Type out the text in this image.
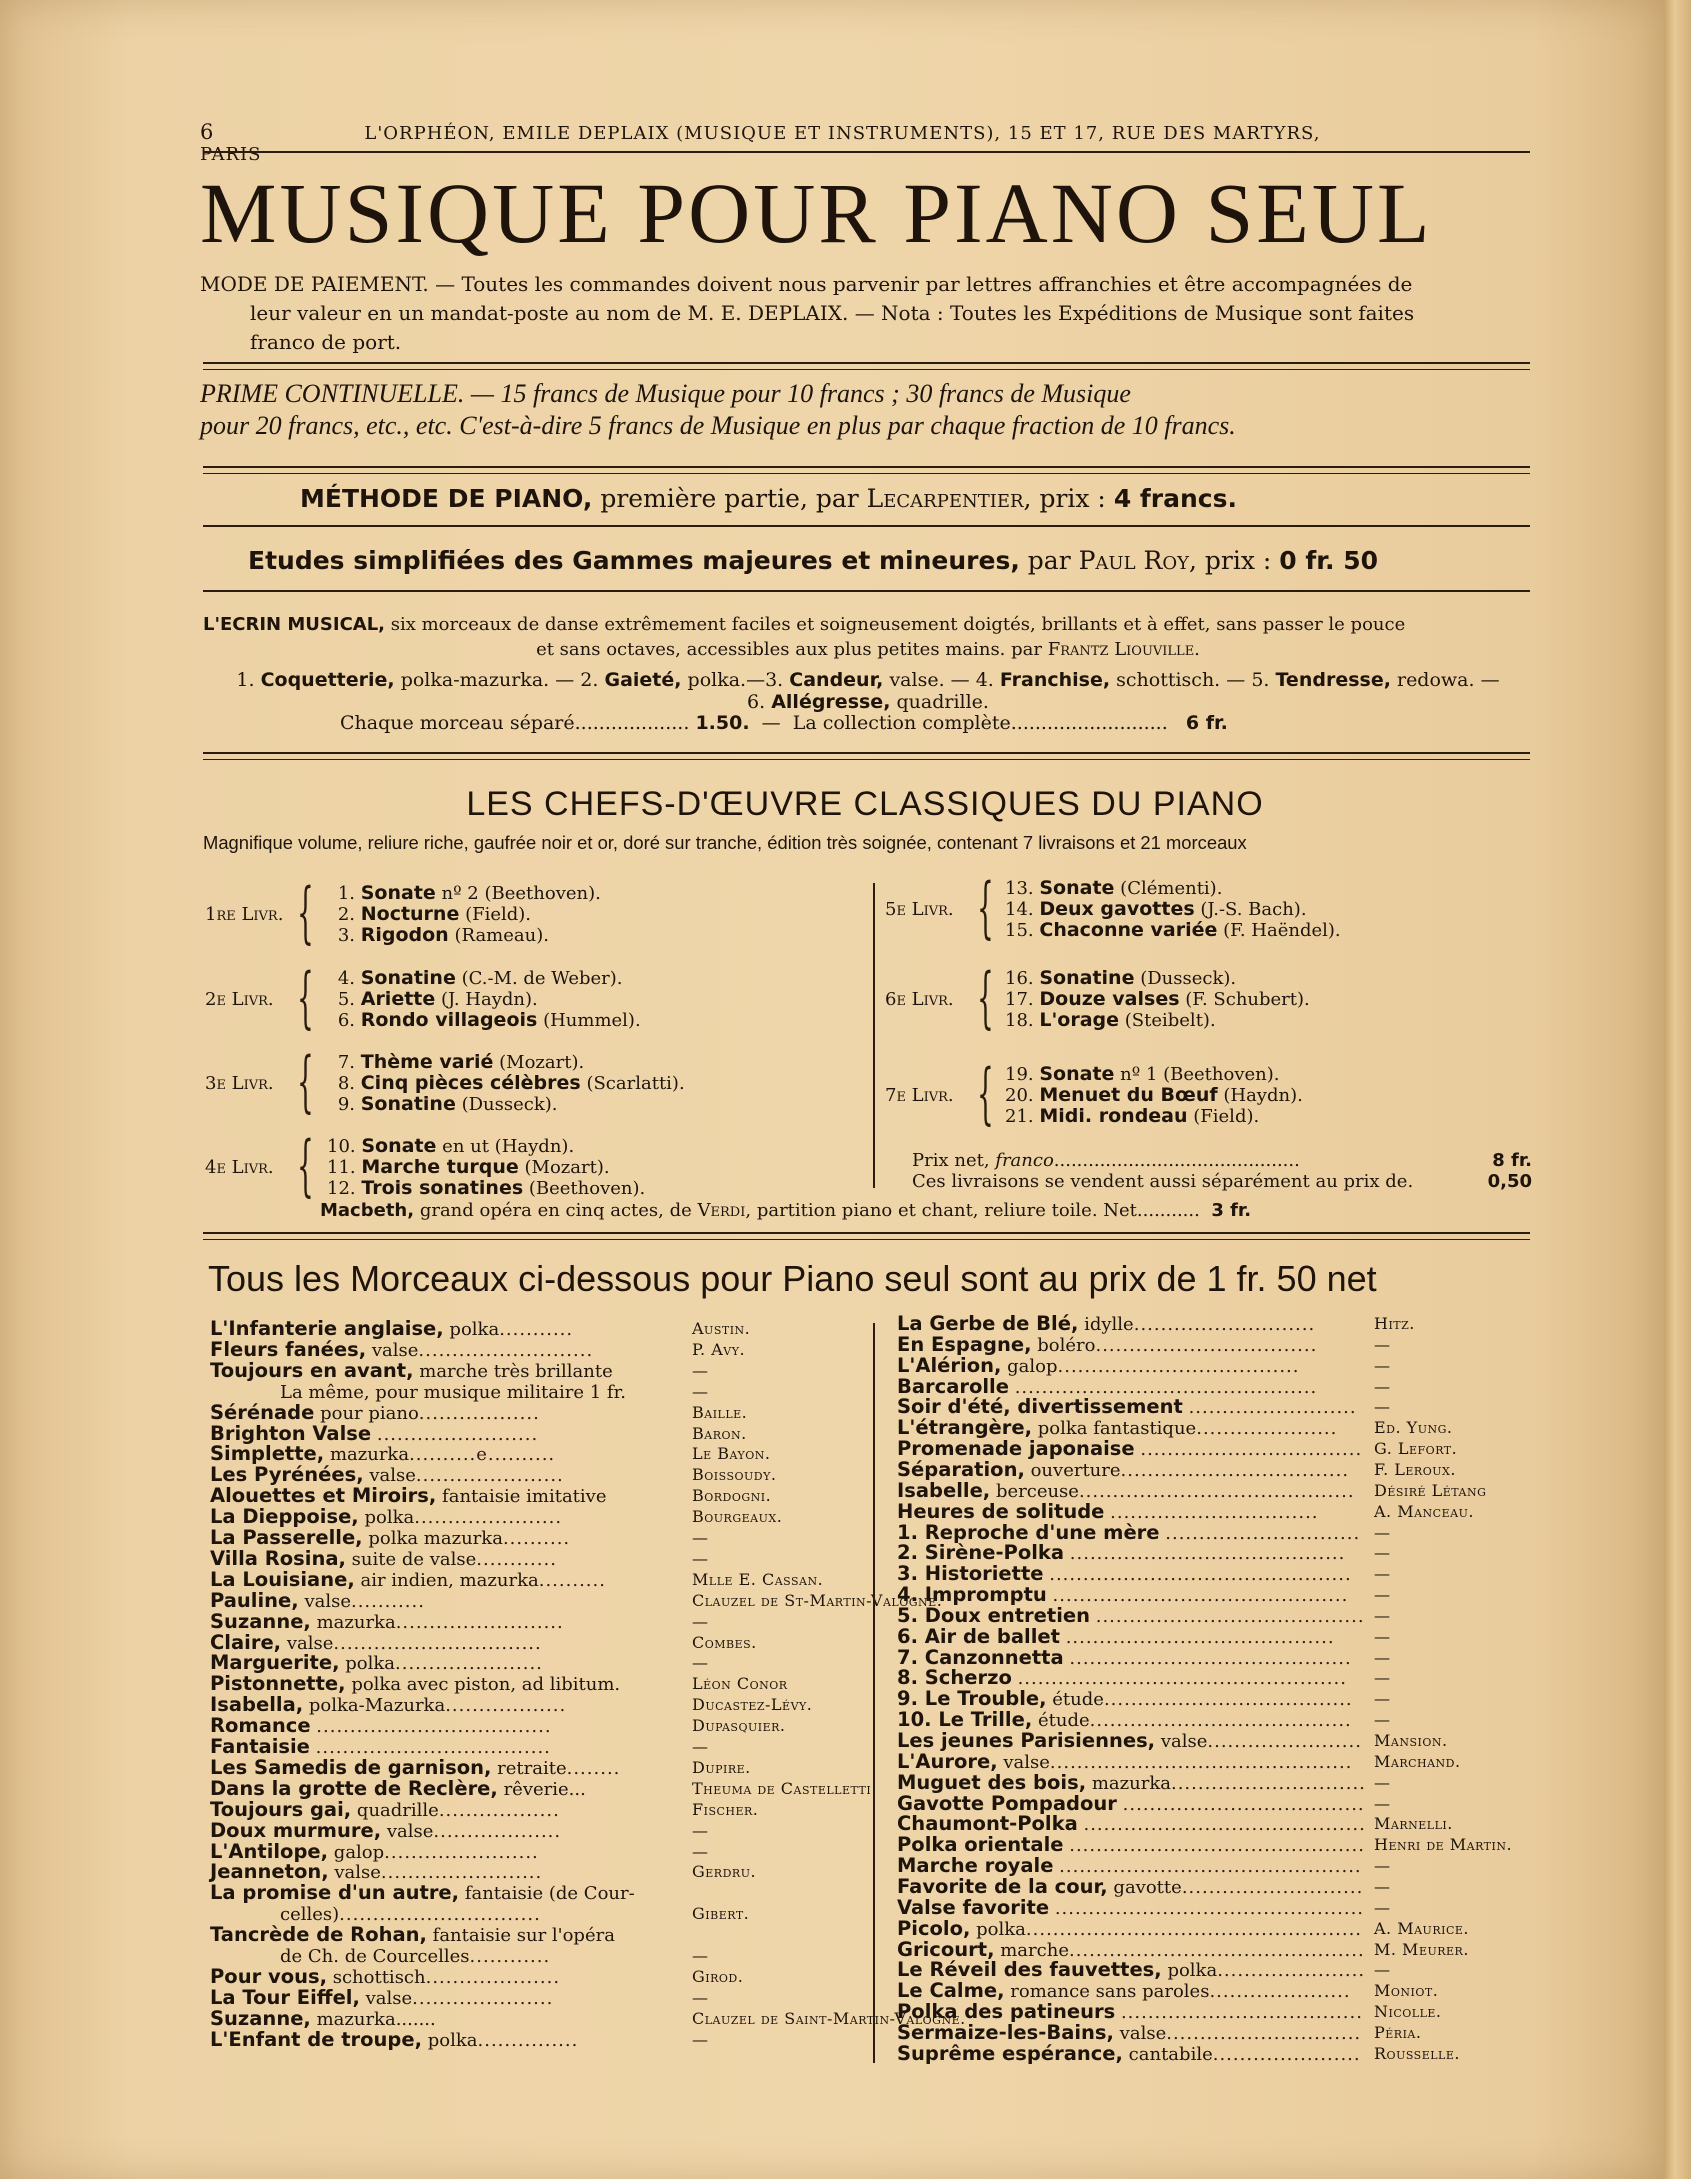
6	L'ORPHÉON, EMILE DEPLAIX (MUSIQUE ET INSTRUMENTS), 15 ET 17, RUE DES MARTYRS, PARIS
MUSIQUE POUR PIANO SEUL
MODE DE PAIEMENT. — Toutes les commandes doivent nous parvenir par lettres affranchies et être accompagnées de

leur valeur en un mandat-poste au nom de M. E. DEPLAIX. — Nota : Toutes les Expéditions de Musique sont faites
franco de port.
PRIME CONTINUELLE. — 15 francs de Musique pour 10 francs ; 30 francs de Musique
pour 20 francs, etc., etc. C'est-à-dire 5 francs de Musique en plus par chaque fraction de 10 francs.
MÉTHODE DE PIANO, première partie, par Lecarpentier, prix : 4 francs.
Etudes simplifiées des Gammes majeures et mineures, par Paul Roy, prix : 0 fr. 50
L'ECRIN MUSICAL, six morceaux de danse extrêmement faciles et soigneusement doigtés, brillants et à effet, sans passer le pouce
et sans octaves, accessibles aux plus petites mains. par Frantz Liouville.
1. Coquetterie, polka-mazurka. — 2. Gaieté, polka.—3. Candeur, valse. — 4. Franchise, schottisch. — 5. Tendresse, redowa. —
6. Allégresse, quadrille.
Chaque morceau séparé................... 1.50. — La collection complète.......................... 6 fr.
LES CHEFS-D'ŒUVRE CLASSIQUES DU PIANO
Magnifique volume, reliure riche, gaufrée noir et or, doré sur tranche, édition très soignée, contenant 7 livraisons et 21 morceaux
1re Livr. {	1. Sonate nº 2 (Beethoven).
2. Nocturne (Field).
3. Rigodon (Rameau).
2e Livr. {	4. Sonatine (C.-M. de Weber).
5. Ariette (J. Haydn).
6. Rondo villageois (Hummel).
3e Livr. {	7. Thème varié (Mozart).
8. Cinq pièces célèbres (Scarlatti).
9. Sonatine (Dusseck).
4e Livr. { 10. Sonate en ut (Haydn).
11. Marche turque (Mozart).
12. Trois sonatines (Beethoven).
5e Livr. { 13. Sonate (Clémenti).
14. Deux gavottes (J.-S. Bach).
15. Chaconne variée (F. Haëndel).
6e Livr. { 16. Sonatine (Dusseck).
17. Douze valses (F. Schubert).
18. L'orage (Steibelt).
7e Livr. { 19. Sonate nº 1 (Beethoven).
20. Menuet du Bœuf (Haydn).
21. Midi. rondeau (Field).
Prix net, franco...........................................	8 fr.
Ces livraisons se vendent aussi séparément au prix de.	0,50
Macbeth, grand opéra en cinq actes, de Verdi, partition piano et chant, reliure toile. Net........... 3 fr.
Tous les Morceaux ci-dessous pour Piano seul sont au prix de 1 fr. 50 net
L'Infanterie anglaise, polka...........	Austin.
Fleurs fanées, valse..........................	P. Avy.
Toujours en avant, marche très brillante	—
La même, pour musique militaire 1 fr.	—
Sérénade pour piano..................	Baille.
Brighton Valse ........................	Baron.
Simplette, mazurka..........e..........	Le Bayon.
Les Pyrénées, valse......................	Boissoudy.
Alouettes et Miroirs, fantaisie imitative	Bordogni.
La Dieppoise, polka......................	Bourgeaux.
La Passerelle, polka mazurka..........	—
Villa Rosina, suite de valse............	—
La Louisiane, air indien, mazurka..........	Mlle E. Cassan.
Pauline, valse...........	Clauzel de St-Martin-Valogne.
Suzanne, mazurka.........................	—
Claire, valse...............................	Combes.
Marguerite, polka......................	—
Pistonnette, polka avec piston, ad libitum.	Léon Conor
Isabella, polka-Mazurka..................	Ducastez-Lévy.
Romance ...................................	Dupasquier.
Fantaisie ...................................	—
Les Samedis de garnison, retraite........	Dupire.
Dans la grotte de Reclère, rêverie...	Theuma de Castelletti
Toujours gai, quadrille..................	Fischer.
Doux murmure, valse...................	—
L'Antilope, galop.......................	—
Jeanneton, valse........................	Gerdru.
La promise d'un autre, fantaisie (de Cour-
celles)..............................	Gibert.
Tancrède de Rohan, fantaisie sur l'opéra
de Ch. de Courcelles............	—
Pour vous, schottisch....................	Girod.
La Tour Eiffel, valse.....................	—
Suzanne, mazurka.......	Clauzel de Saint-Martin-Valogne.
L'Enfant de troupe, polka...............	—
La Gerbe de Blé, idylle...........................	Hitz.
En Espagne, boléro.................................	—
L'Alérion, galop....................................	—
Barcarolle .............................................	—
Soir d'été, divertissement ......................... —
L'étrangère, polka fantastique..................... Ed. Yung.
Promenade japonaise ................................. G. Lefort.
Séparation, ouverture.................................. F. Leroux.
Isabelle, berceuse......................................... Désiré Létang
Heures de solitude ...............................	A. Manceau.
1. Reproche d'une mère ............................. —
2. Sirène-Polka ......................................... —
3. Historiette ............................................. —
4. Impromptu ............................................ —
5. Doux entretien ........................................ —
6. Air de ballet ........................................ —
7. Canzonnetta .......................................... —
8. Scherzo ................................................. —
9. Le Trouble, étude..................................... —
10. Le Trille, étude....................................... —
Les jeunes Parisiennes, valse....................... Mansion.
L'Aurore, valse............................................. Marchand.
Muguet des bois, mazurka............................. —
Gavotte Pompadour .................................... —
Chaumont-Polka .......................................... Marnelli.
Polka orientale ............................................ Henri de Martin.
Marche royale ............................................. —
Favorite de la cour, gavotte........................... —
Valse favorite .............................................. —
Picolo, polka.................................................. A. Maurice.
Gricourt, marche............................................ M. Meurer.
Le Réveil des fauvettes, polka...................... —
Le Calme, romance sans paroles..................... Moniot.
Polka des patineurs .................................... Nicolle.
Sermaize-les-Bains, valse............................. Péria.
Suprême espérance, cantabile...................... Rousselle.
